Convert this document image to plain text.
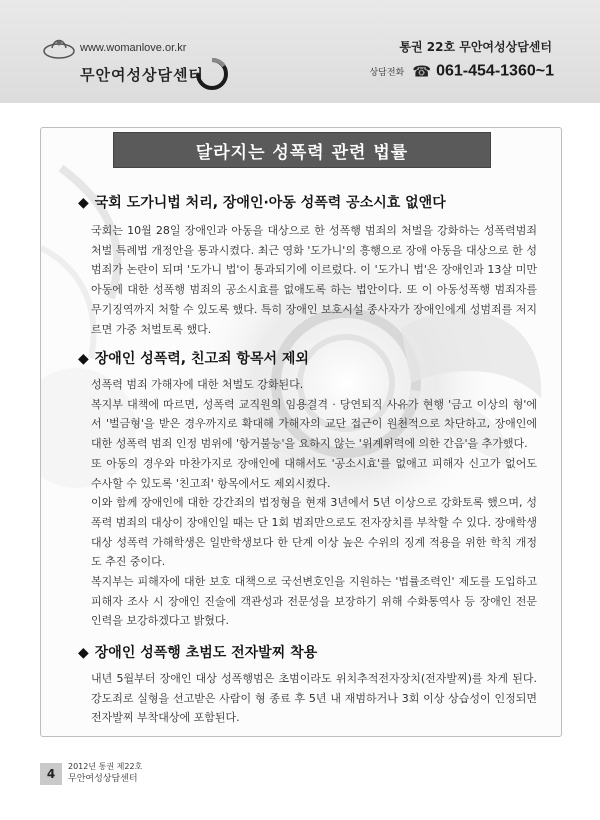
www.womanlove.or.kr
무안여성상담센터
통권 22호 무안여성상담센터
상담전화 ☎ 061-454-1360~1
달라지는 성폭력 관련 법률
◆ 국회 도가니법 처리, 장애인·아동 성폭력 공소시효 없앤다

국회는 10월 28일 장애인과 아동을 대상으로 한 성폭행 범죄의 처벌을 강화하는 성폭력범죄 처벌 특례법 개정안을 통과시켰다. 최근 영화 '도가니'의 흥행으로 장애 아동을 대상으로 한 성범죄가 논란이 되며 '도가니 법'이 통과되기에 이르렀다. 이 '도가니 법'은 장애인과 13살 미만 아동에 대한 성폭행 범죄의 공소시효를 없애도록 하는 법안이다. 또 이 아동성폭행 범죄자를 무기징역까지 처할 수 있도록 했다. 특히 장애인 보호시설 종사자가 장애인에게 성범죄를 저지르면 가중 처벌토록 했다.

◆ 장애인 성폭력, 친고죄 항목서 제외

성폭력 범죄 가해자에 대한 처벌도 강화된다.

복지부 대책에 따르면, 성폭력 교직원의 임용결격 · 당연퇴직 사유가 현행 '금고 이상의 형'에서 '벌금형'을 받은 경우까지로 확대해 가해자의 교단 접근이 원천적으로 차단하고, 장애인에 대한 성폭력 범죄 인정 범위에 '항거불능'을 요하지 않는 '위계위력에 의한 간음'을 추가했다.

또 아동의 경우와 마찬가지로 장애인에 대해서도 '공소시효'를 없애고 피해자 신고가 없어도 수사할 수 있도록 '친고죄' 항목에서도 제외시켰다.

이와 함께 장애인에 대한 강간죄의 법정형을 현재 3년에서 5년 이상으로 강화토록 했으며, 성폭력 범죄의 대상이 장애인일 때는 단 1회 범죄만으로도 전자장치를 부착할 수 있다. 장애학생 대상 성폭력 가해학생은 일반학생보다 한 단계 이상 높은 수위의 징계 적용을 위한 학칙 개정도 추진 중이다.

복지부는 피해자에 대한 보호 대책으로 국선변호인을 지원하는 '법률조력인' 제도를 도입하고 피해자 조사 시 장애인 진술에 객관성과 전문성을 보장하기 위해 수화통역사 등 장애인 전문 인력을 보강하겠다고 밝혔다.

◆ 장애인 성폭행 초범도 전자발찌 착용

내년 5월부터 장애인 대상 성폭행범은 초범이라도 위치추적전자장치(전자발찌)를 차게 된다. 강도죄로 실형을 선고받은 사람이 형 종료 후 5년 내 재범하거나 3회 이상 상습성이 인정되면 전자발찌 부착대상에 포함된다.

4
2012년 통권 제22호
무안여성상담센터
